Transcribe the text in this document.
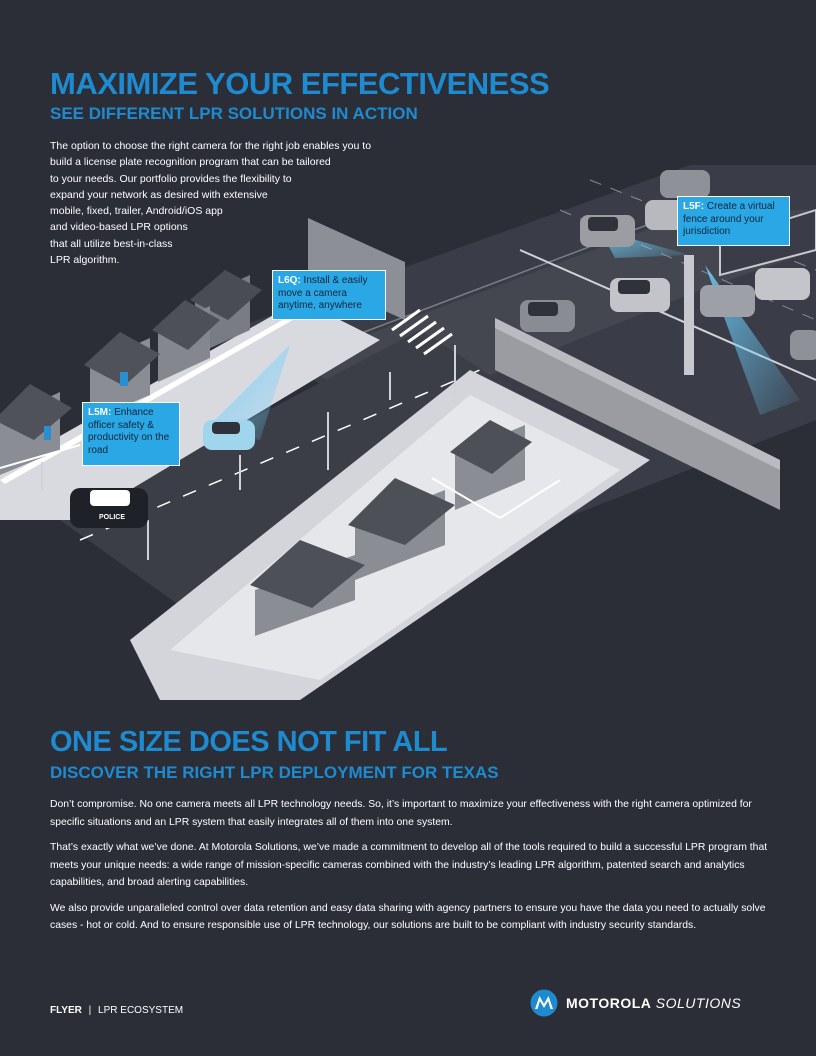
MAXIMIZE YOUR EFFECTIVENESS
SEE DIFFERENT LPR SOLUTIONS IN ACTION
The option to choose the right camera for the right job enables you to
build a license plate recognition program that can be tailored
to your needs. Our portfolio provides the flexibility to
expand your network as desired with extensive
mobile, fixed, trailer, Android/iOS app
and video-based LPR options
that all utilize best-in-class
LPR algorithm.
POLICE
L6Q: Install & easily move a camera anytime, anywhere
L5F: Create a virtual fence around your jurisdiction
L5M: Enhance officer safety & productivity on the road
ONE SIZE DOES NOT FIT ALL
DISCOVER THE RIGHT LPR DEPLOYMENT FOR TEXAS

Don’t compromise. No one camera meets all LPR technology needs. So, it’s important to maximize your effectiveness with the right camera optimized for specific situations and an LPR system that easily integrates all of them into one system.

That’s exactly what we’ve done. At Motorola Solutions, we’ve made a commitment to develop all of the tools required to build a successful LPR program that meets your unique needs: a wide range of mission-specific cameras combined with the industry’s leading LPR algorithm, patented search and analytics capabilities, and broad alerting capabilities.

We also provide unparalleled control over data retention and easy data sharing with agency partners to ensure you have the data you need to actually solve cases - hot or cold. And to ensure responsible use of LPR technology, our solutions are built to be compliant with industry security standards.

FLYER | LPR ECOSYSTEM	MOTOROLA SOLUTIONS
